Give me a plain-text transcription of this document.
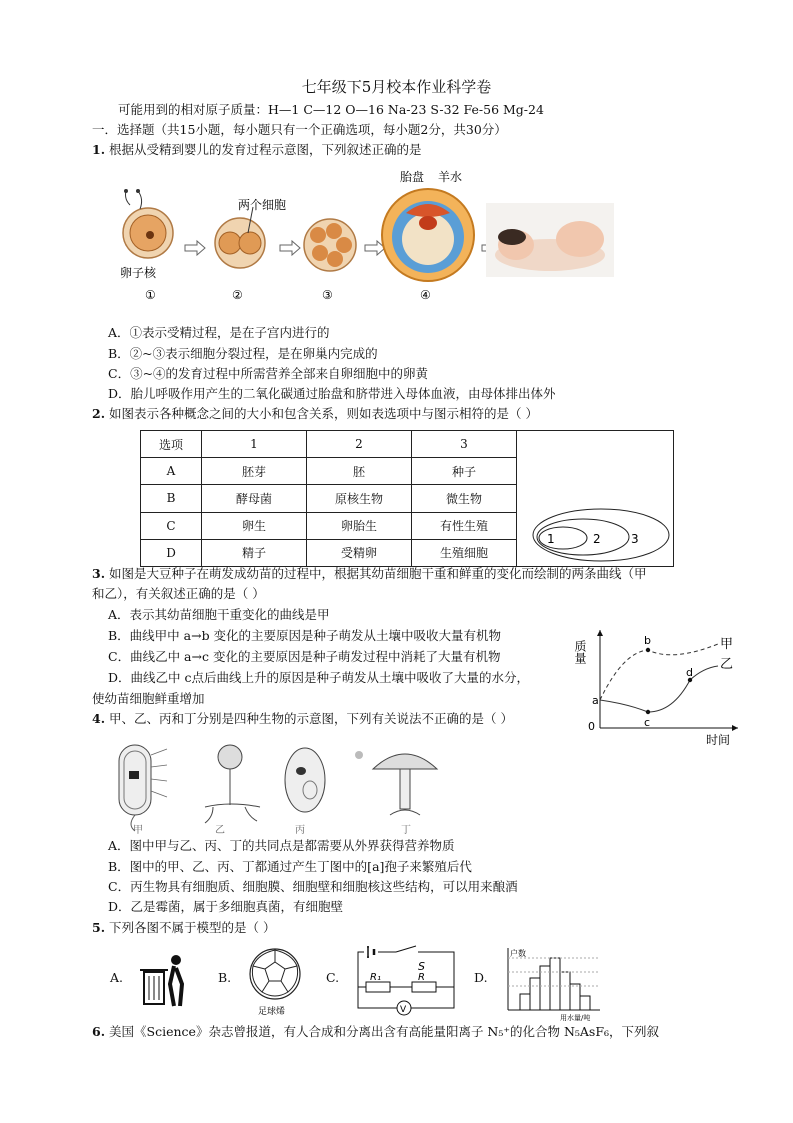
七年级下5月校本作业科学卷
可能用到的相对原子质量：H—1 C—12 O—16 Na-23 S-32 Fe-56 Mg-24
一．选择题（共15小题，每小题只有一个正确选项，每小题2分，共30分）
1. 根据从受精到婴儿的发育过程示意图，下列叙述正确的是
卵子核
①
两个细胞
②	③
胎盘 羊水
④
A．①表示受精过程，是在子宫内进行的
B．②~③表示细胞分裂过程，是在卵巢内完成的
C．③~④的发育过程中所需营养全部来自卵细胞中的卵黄
D．胎儿呼吸作用产生的二氧化碳通过胎盘和脐带进入母体血液，由母体排出体外
2. 如图表示各种概念之间的大小和包含关系，则如表选项中与图示相符的是（ ）
选项	1	2	3	1 2 3

A	胚芽	胚	种子	
B	酵母菌	原核生物	微生物	
C	卵生	卵胎生	有性生殖	
D	精子	受精卵	生殖细胞	
3. 如图是大豆种子在萌发成幼苗的过程中，根据其幼苗细胞干重和鲜重的变化而绘制的两条曲线（甲
和乙），有关叙述正确的是（ ）
A．表示其幼苗细胞干重变化的曲线是甲
B．曲线甲中 a→b 变化的主要原因是种子萌发从土壤中吸收大量有机物
C．曲线乙中 a→c 变化的主要原因是种子萌发过程中消耗了大量有机物
D．曲线乙中 c点后曲线上升的原因是种子萌发从土壤中吸收了大量的水分，
使幼苗细胞鲜重增加
质量
时间
0
a
b
c
d
甲
乙
4. 甲、乙、丙和丁分别是四种生物的示意图，下列有关说法不正确的是（ ）
甲	乙	丙	丁
A．图中甲与乙、丙、丁的共同点是都需要从外界获得营养物质
B．图中的甲、乙、丙、丁都通过产生丁图中的[a]孢子来繁殖后代
C．丙生物具有细胞质、细胞膜、细胞壁和细胞核这些结构，可以用来酿酒
D．乙是霉菌，属于多细胞真菌，有细胞壁
5. 下列各图不属于模型的是（ ）
A.	B.
足球烯
C.
S
R₁	R
V
D.
户数
用水量/吨
6. 美国《Science》杂志曾报道，有人合成和分离出含有高能量阳离子 N₅⁺的化合物 N₅AsF₆，下列叙
